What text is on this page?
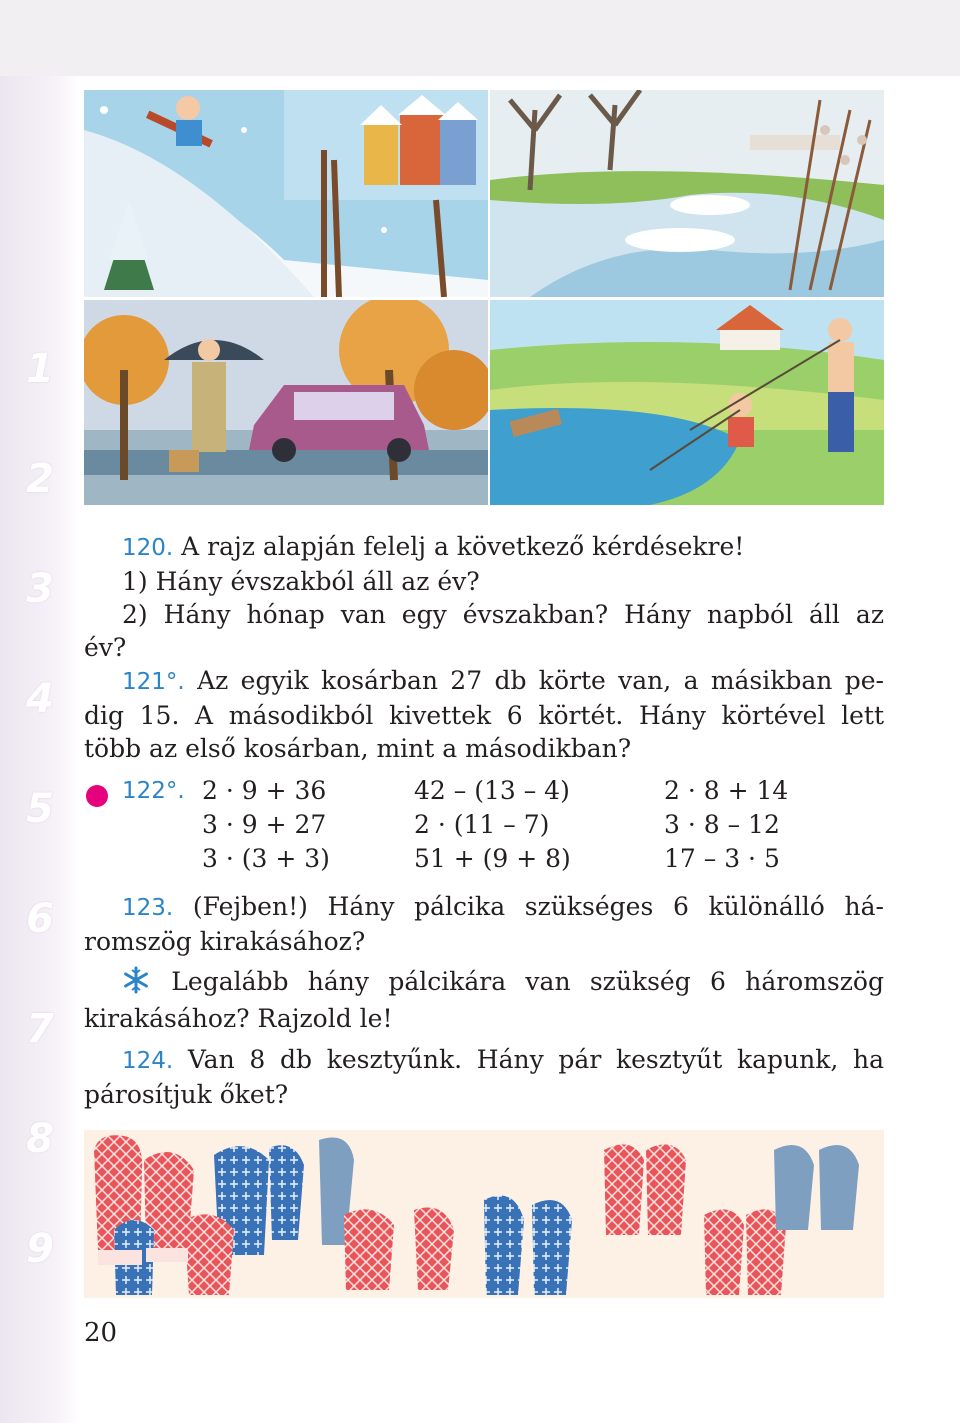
1
2
3
4
5
6
7
8
9
120. A rajz alapján felelj a következő kérdésekre!
1) Hány évszakból áll az év?
2) Hány hónap van egy évszakban? Hány napból áll az
év?
121°. Az egyik kosárban 27 db körte van, a másikban pe-
dig 15. A másodikból kivettek 6 körtét. Hány körtével lett
több az első kosárban, mint a másodikban?
122°. 2 · 9 + 36	42 – (13 – 4)	2 · 8 + 14
3 · 9 + 27	2 · (11 – 7)	3 · 8 – 12
3 · (3 + 3)	51 + (9 + 8)	17 – 3 · 5
123. (Fejben!) Hány pálcika szükséges 6 különálló há-
romszög kirakásához?
Legalább hány pálcikára van szükség 6 háromszög
kirakásához? Rajzold le!
124. Van 8 db kesztyűnk. Hány pár kesztyűt kapunk, ha
párosítjuk őket?
20
